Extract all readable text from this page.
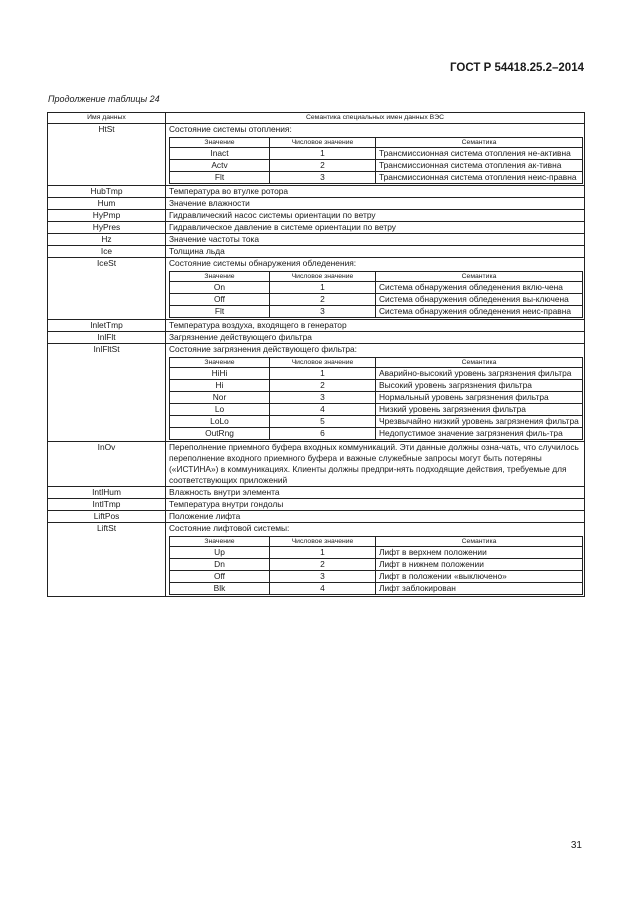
ГОСТ Р 54418.25.2–2014
Продолжение таблицы 24
Имя данных	Семантика специальных имен данных ВЭС
HtSt	Состояние системы отопления:
Значение	Числовое значение	Семантика
Inact	1	Трансмиссионная система отопления не-активна
Actv	2	Трансмиссионная система отопления ак-тивна
Flt	3	Трансмиссионная система отопления неис-правна

HubTmp	Температура во втулке ротора

Hum	Значение влажности

HyPmp	Гидравлический насос системы ориентации по ветру

HyPres	Гидравлическое давление в системе ориентации по ветру

Hz	Значение частоты тока

Ice	Толщина льда

IceSt	Состояние системы обнаружения обледенения:
Значение	Числовое значение	Семантика
On	1	Система обнаружения обледенения вклю-чена
Off	2	Система обнаружения обледенения вы-ключена
Flt	3	Система обнаружения обледенения неис-правна

InletTmp	Температура воздуха, входящего в генератор

InlFlt	Загрязнение действующего фильтра

InlFltSt	Состояние загрязнения действующего фильтра:
Значение	Числовое значение	Семантика
HiHi	1	Аварийно-высокий уровень загрязнения фильтра
Hi	2	Высокий уровень загрязнения фильтра
Nor	3	Нормальный уровень загрязнения фильтра
Lo	4	Низкий уровень загрязнения фильтра
LoLo	5	Чрезвычайно низкий уровень загрязнения фильтра
OutRng	6	Недопустимое значение загрязнения филь-тра

InOv	Переполнение приемного буфера входных коммуникаций. Эти данные должны озна-чать, что случилось переполнение входного приемного буфера и важные служебные запросы могут быть потеряны («ИСТИНА») в коммуникациях. Клиенты должны предпри-нять подходящие действия, требуемые для соответствующих приложений

IntlHum	Влажность внутри элемента

IntlTmp	Температура внутри гондолы

LiftPos	Положение лифта

LiftSt	Состояние лифтовой системы:
Значение	Числовое значение	Семантика
Up	1	Лифт в верхнем положении
Dn	2	Лифт в нижнем положении
Off	3	Лифт в положении «выключено»
Blk	4	Лифт заблокирован
31
